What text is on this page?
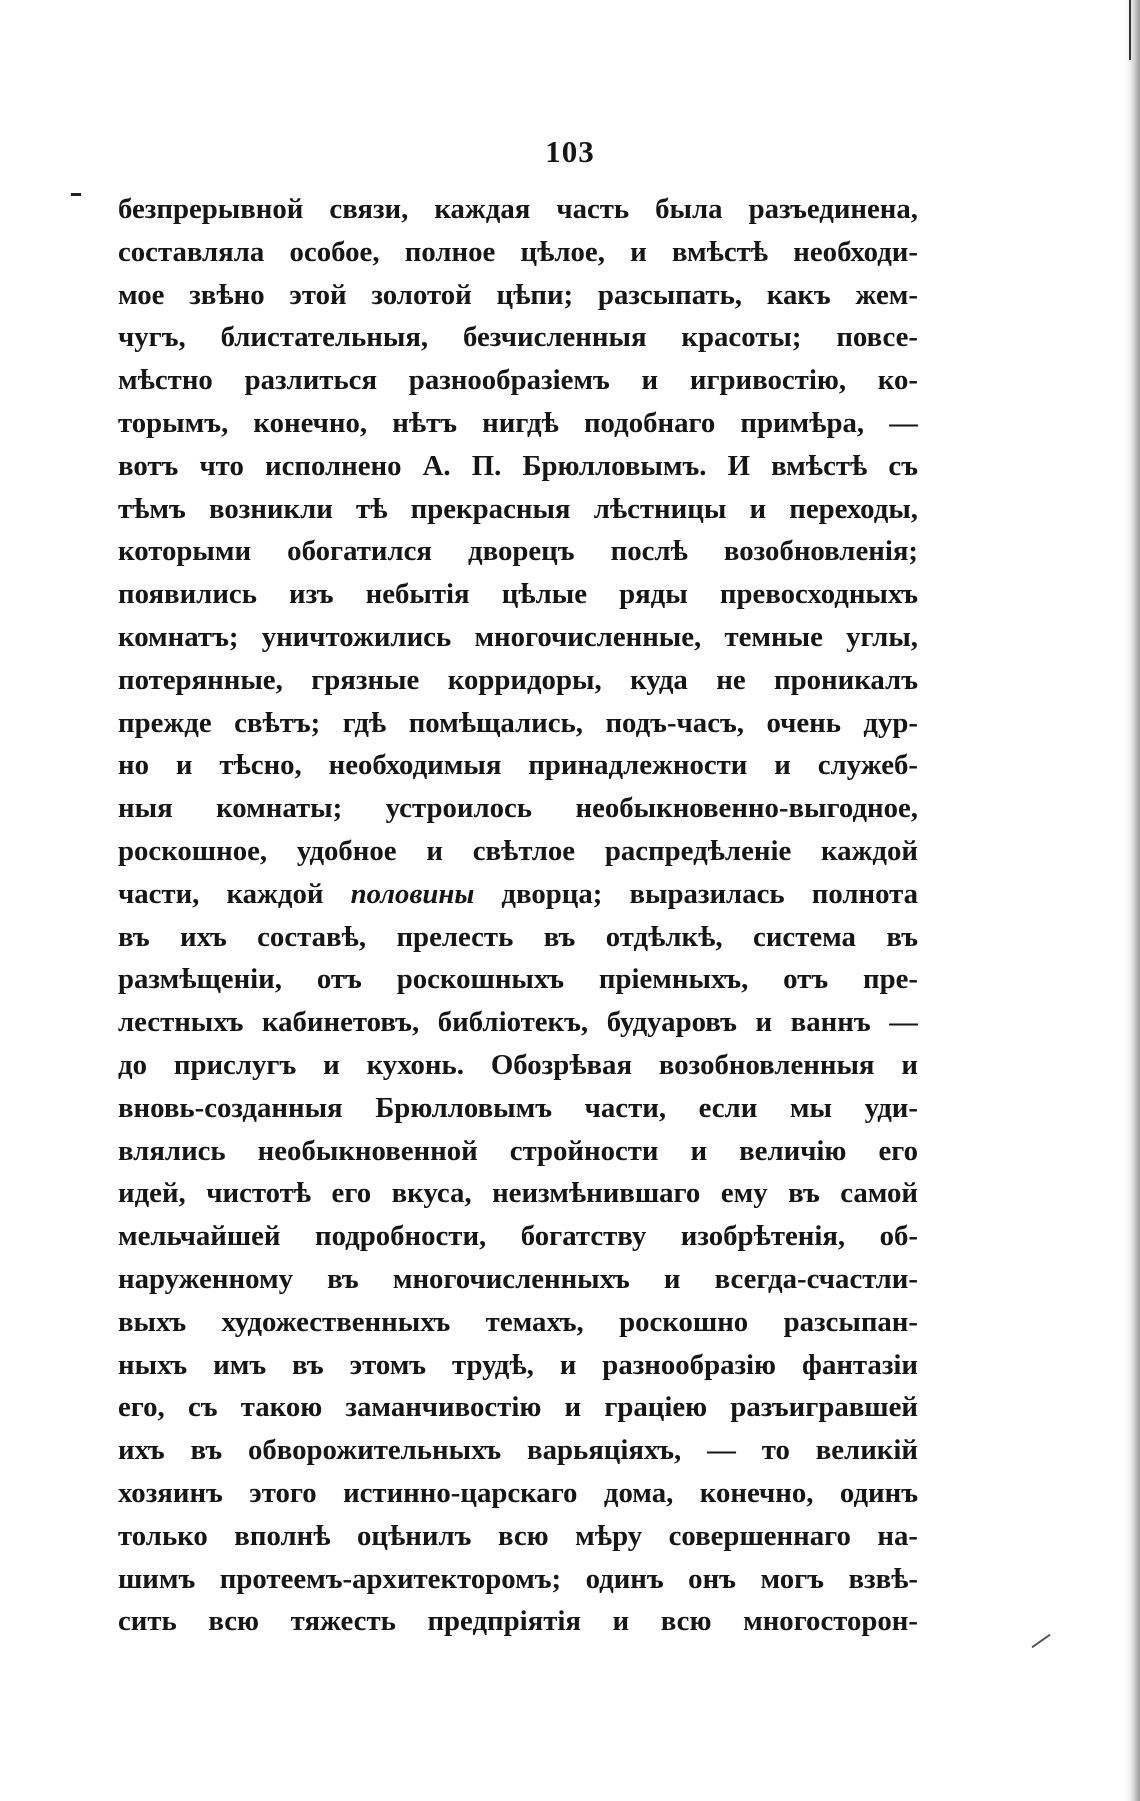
103
безпрерывной связи, каждая часть была разъединена,
составляла особое, полное цѣлое, и вмѣстѣ необходи-
мое звѣно этой золотой цѣпи; разсыпать, какъ жем-
чугъ, блистательныя, безчисленныя красоты; повсе-
мѣстно разлиться разнообразіемъ и игривостію, ко-
торымъ, конечно, нѣтъ нигдѣ подобнаго примѣра, —
вотъ что исполнено А. П. Брюлловымъ. И вмѣстѣ съ
тѣмъ возникли тѣ прекрасныя лѣстницы и переходы,
которыми обогатился дворецъ послѣ возобновленія;
появились изъ небытія цѣлые ряды превосходныхъ
комнатъ; уничтожились многочисленные, темные углы,
потерянные, грязные корридоры, куда не проникалъ
прежде свѣтъ; гдѣ помѣщались, подъ-часъ, очень дур-
но и тѣсно, необходимыя принадлежности и служеб-
ныя комнаты; устроилось необыкновенно-выгодное,
роскошное, удобное и свѣтлое распредѣленіе каждой
части, каждой половины дворца; выразилась полнота
въ ихъ составѣ, прелесть въ отдѣлкѣ, система въ
размѣщеніи, отъ роскошныхъ пріемныхъ, отъ пре-
лестныхъ кабинетовъ, библіотекъ, будуаровъ и ваннъ —
до прислугъ и кухонь. Обозрѣвая возобновленныя и
вновь-созданныя Брюлловымъ части, если мы уди-
влялись необыкновенной стройности и величію его
идей, чистотѣ его вкуса, неизмѣнившаго ему въ самой
мельчайшей подробности, богатству изобрѣтенія, об-
наруженному въ многочисленныхъ и всегда-счастли-
выхъ художественныхъ темахъ, роскошно разсыпан-
ныхъ имъ въ этомъ трудѣ, и разнообразію фантазіи
его, съ такою заманчивостію и граціею разъигравшей
ихъ въ обворожительныхъ варьяціяхъ, — то великій
хозяинъ этого истинно-царскаго дома, конечно, одинъ
только вполнѣ оцѣнилъ всю мѣру совершеннаго на-
шимъ протеемъ-архитекторомъ; одинъ онъ могъ взвѣ-
сить всю тяжесть предпріятія и всю многосторон-
